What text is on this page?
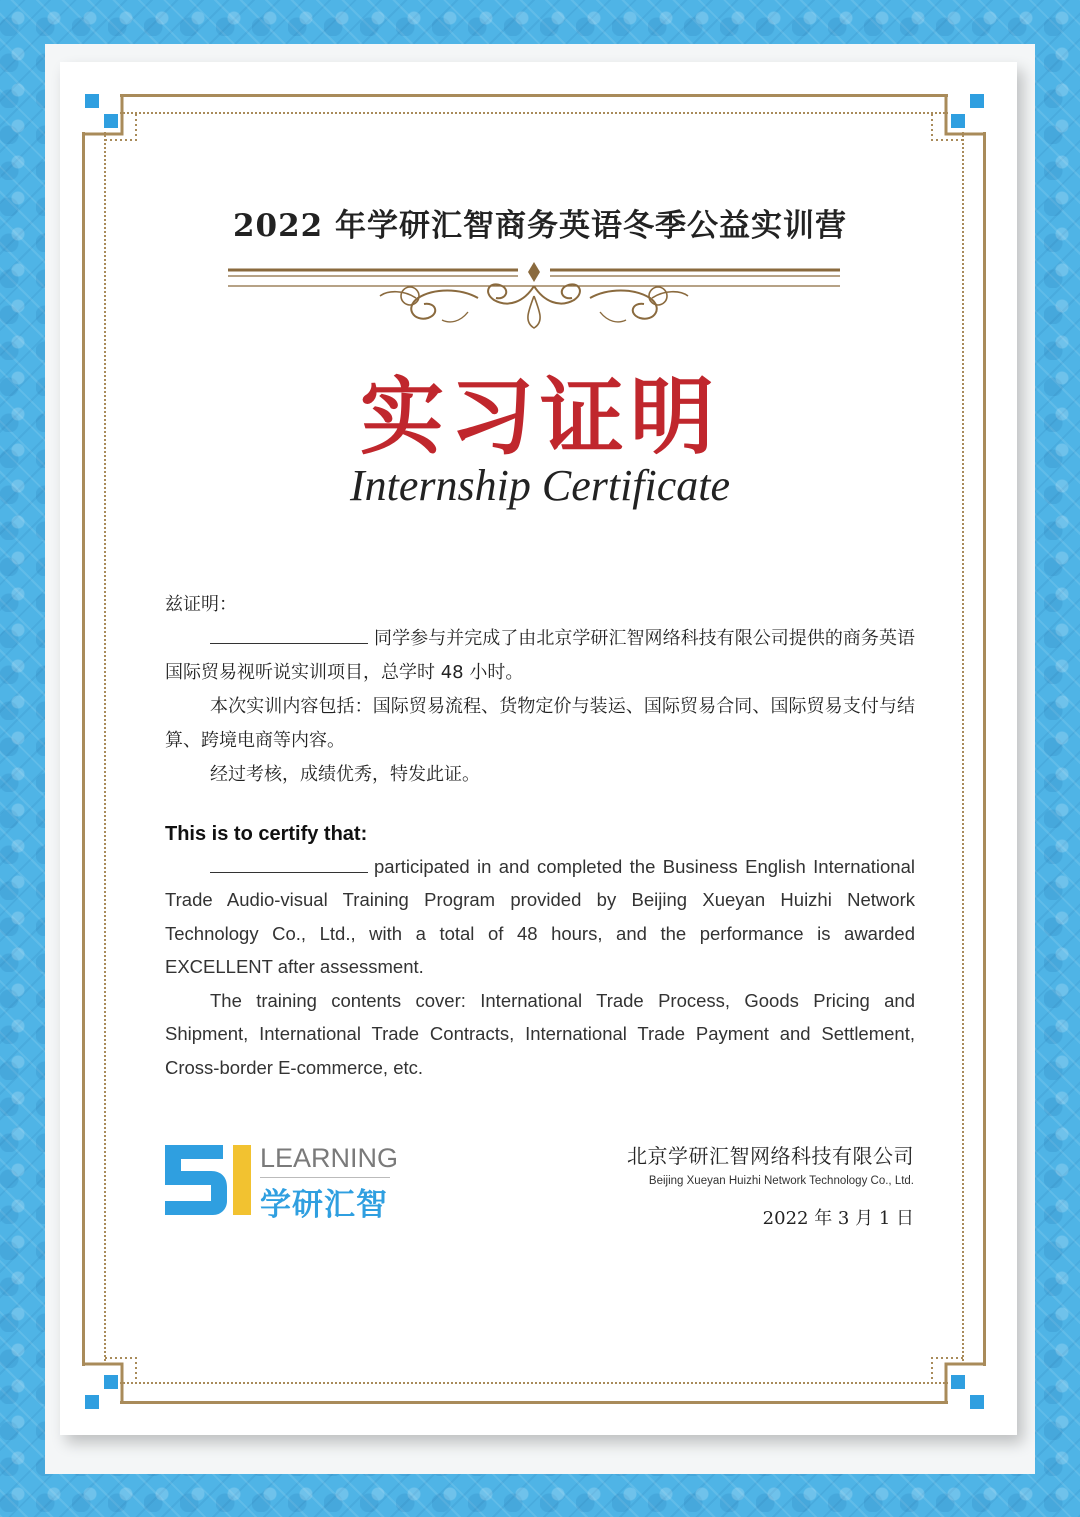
2022 年学研汇智商务英语冬季公益实训营
实习证明
Internship Certificate

兹证明：

同学参与并完成了由北京学研汇智网络科技有限公司提供的商务英语国际贸易视听说实训项目，总学时 48 小时。

本次实训内容包括：国际贸易流程、货物定价与装运、国际贸易合同、国际贸易支付与结算、跨境电商等内容。

经过考核，成绩优秀，特发此证。

This is to certify that:

participated in and completed the Business English International Trade Audio-visual Training Program provided by Beijing Xueyan Huizhi Network Technology Co., Ltd., with a total of 48 hours, and the performance is awarded EXCELLENT after assessment.

The training contents cover: International Trade Process, Goods Pricing and Shipment, International Trade Contracts, International Trade Payment and Settlement, Cross-border E-commerce, etc.

LEARNING
学研汇智
北京学研汇智网络科技有限公司
Beijing Xueyan Huizhi Network Technology Co., Ltd.
2022 年 3 月 1 日
